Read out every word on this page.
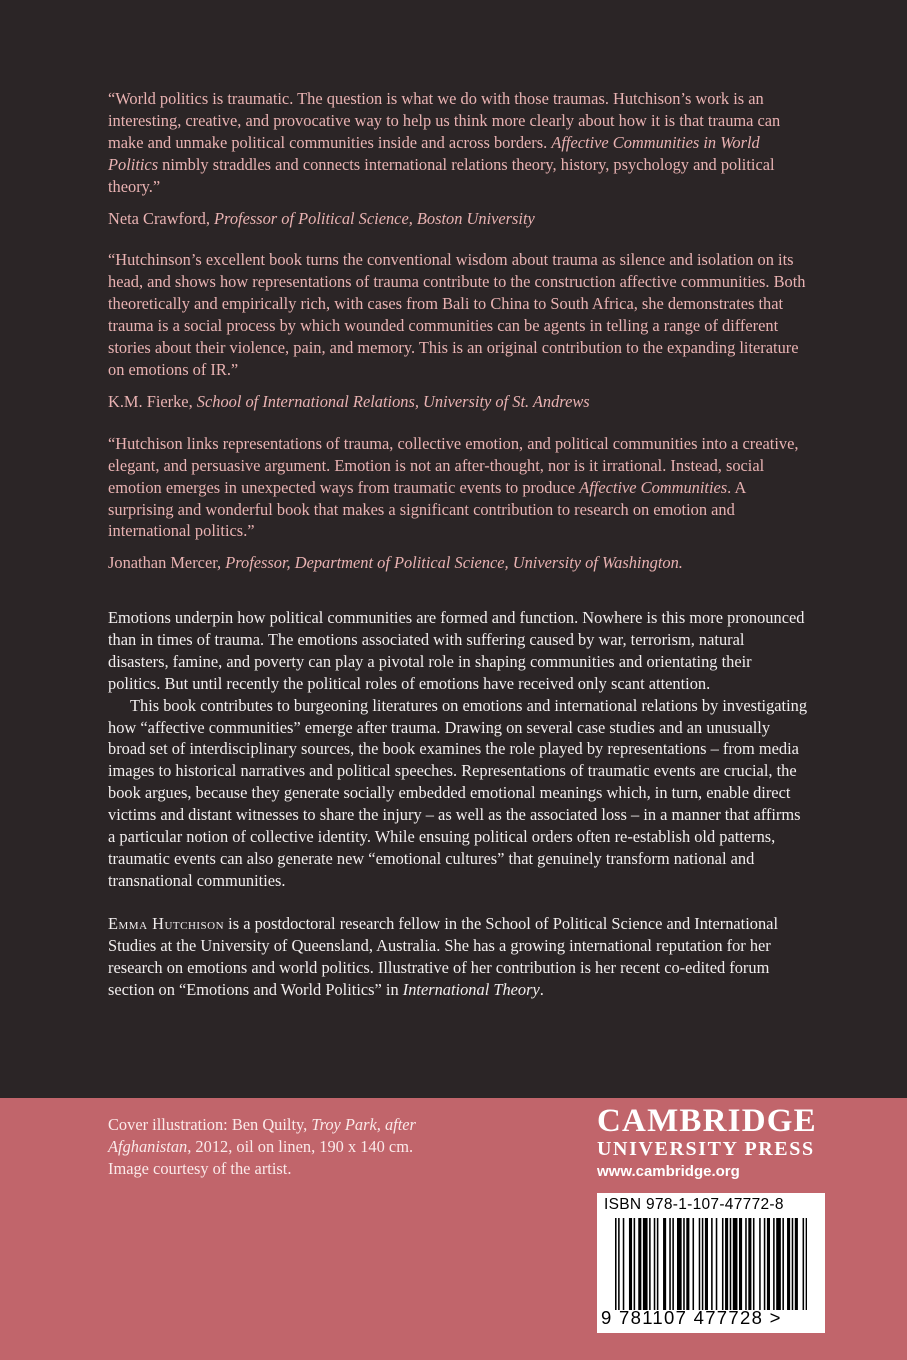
“World politics is traumatic. The question is what we do with those traumas. Hutchison’s work is an interesting, creative, and provocative way to help us think more clearly about how it is that trauma can make and unmake political communities inside and across borders. Affective Communities in World Politics nimbly straddles and connects international relations theory, history, psychology and political theory.”

Neta Crawford, Professor of Political Science, Boston University

“Hutchinson’s excellent book turns the conventional wisdom about trauma as silence and isolation on its head, and shows how representations of trauma contribute to the construction affective communities. Both theoretically and empirically rich, with cases from Bali to China to South Africa, she demonstrates that trauma is a social process by which wounded communities can be agents in telling a range of different stories about their violence, pain, and memory. This is an original contribution to the expanding literature on emotions of IR.”

K.M. Fierke, School of International Relations, University of St. Andrews

“Hutchison links representations of trauma, collective emotion, and political communities into a creative, elegant, and persuasive argument. Emotion is not an after-thought, nor is it irrational. Instead, social emotion emerges in unexpected ways from traumatic events to produce Affective Communities. A surprising and wonderful book that makes a significant contribution to research on emotion and international politics.”

Jonathan Mercer, Professor, Department of Political Science, University of Washington.

Emotions underpin how political communities are formed and function. Nowhere is this more pronounced than in times of trauma. The emotions associated with suffering caused by war, terrorism, natural disasters, famine, and poverty can play a pivotal role in shaping communities and orientating their politics. But until recently the political roles of emotions have received only scant attention.

This book contributes to burgeoning literatures on emotions and international relations by investigating how “affective communities” emerge after trauma. Drawing on several case studies and an unusually broad set of interdisciplinary sources, the book examines the role played by representations – from media images to historical narratives and political speeches. Representations of traumatic events are crucial, the book argues, because they generate socially embedded emotional meanings which, in turn, enable direct victims and distant witnesses to share the injury – as well as the associated loss – in a manner that affirms a particular notion of collective identity. While ensuing political orders often re-establish old patterns, traumatic events can also generate new “emotional cultures” that genuinely transform national and transnational communities.

Emma Hutchison is a postdoctoral research fellow in the School of Political Science and International Studies at the University of Queensland, Australia. She has a growing international reputation for her research on emotions and world politics. Illustrative of her contribution is her recent co-edited forum section on “Emotions and World Politics” in International Theory.

Cover illustration: Ben Quilty, Troy Park, after Afghanistan, 2012, oil on linen, 190 x 140 cm.
Image courtesy of the artist.
CAMBRIDGE
UNIVERSITY PRESS
www.cambridge.org
ISBN 978-1-107-47772-8
9 781107 477728 >
